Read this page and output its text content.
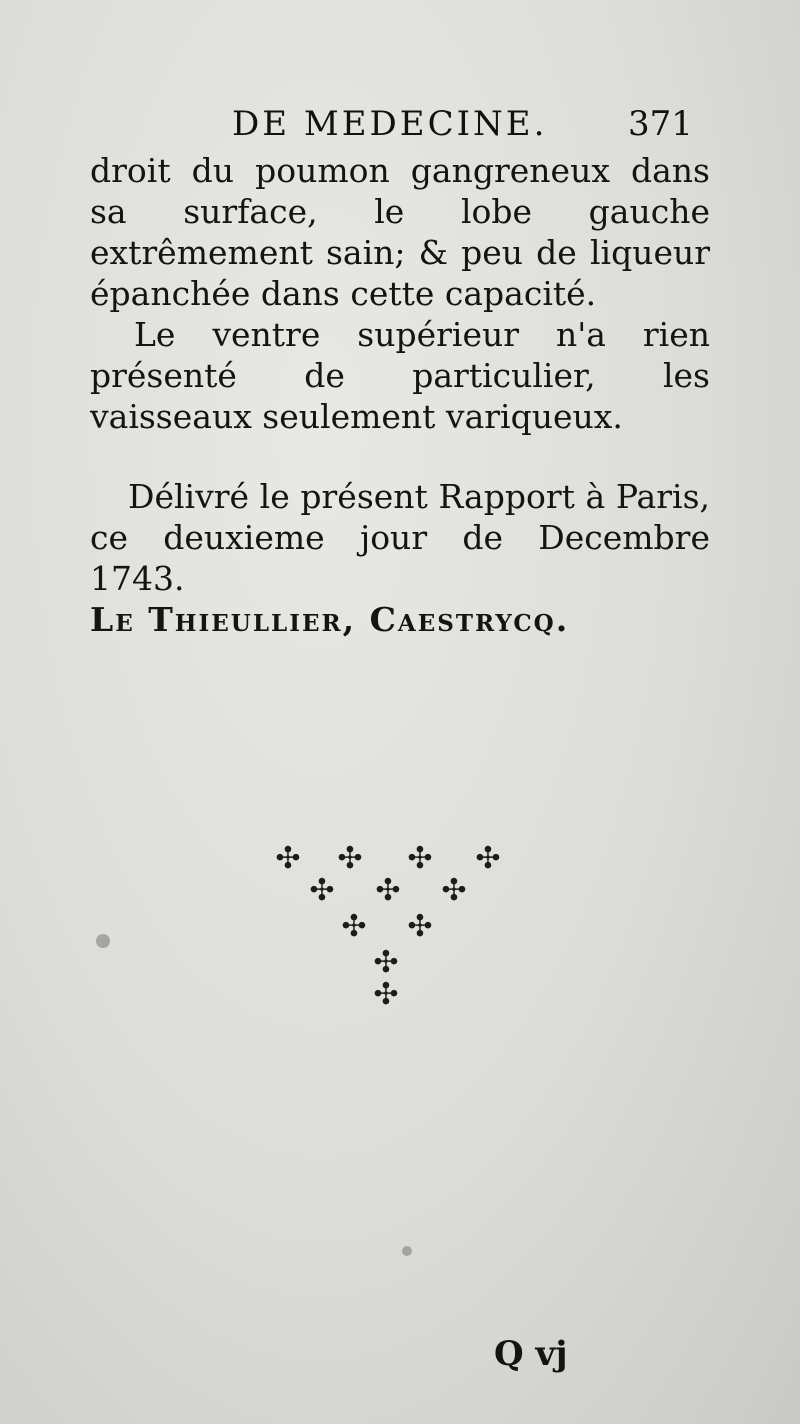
DE MEDECINE. 371

droit du poumon gangreneux dans sa surface, le lobe gauche extrêmement sain; & peu de liqueur épanchée dans cette capacité.

Le ventre supérieur n'a rien présenté de particulier, les vaisseaux seulement variqueux.

Délivré le présent Rapport à Paris, ce deuxieme jour de Decembre 1743.

Le Thieullier, Caestrycq.

✣ ✣ ✣ ✣
✣ ✣ ✣
✣ ✣
✣
✣
Q vj
